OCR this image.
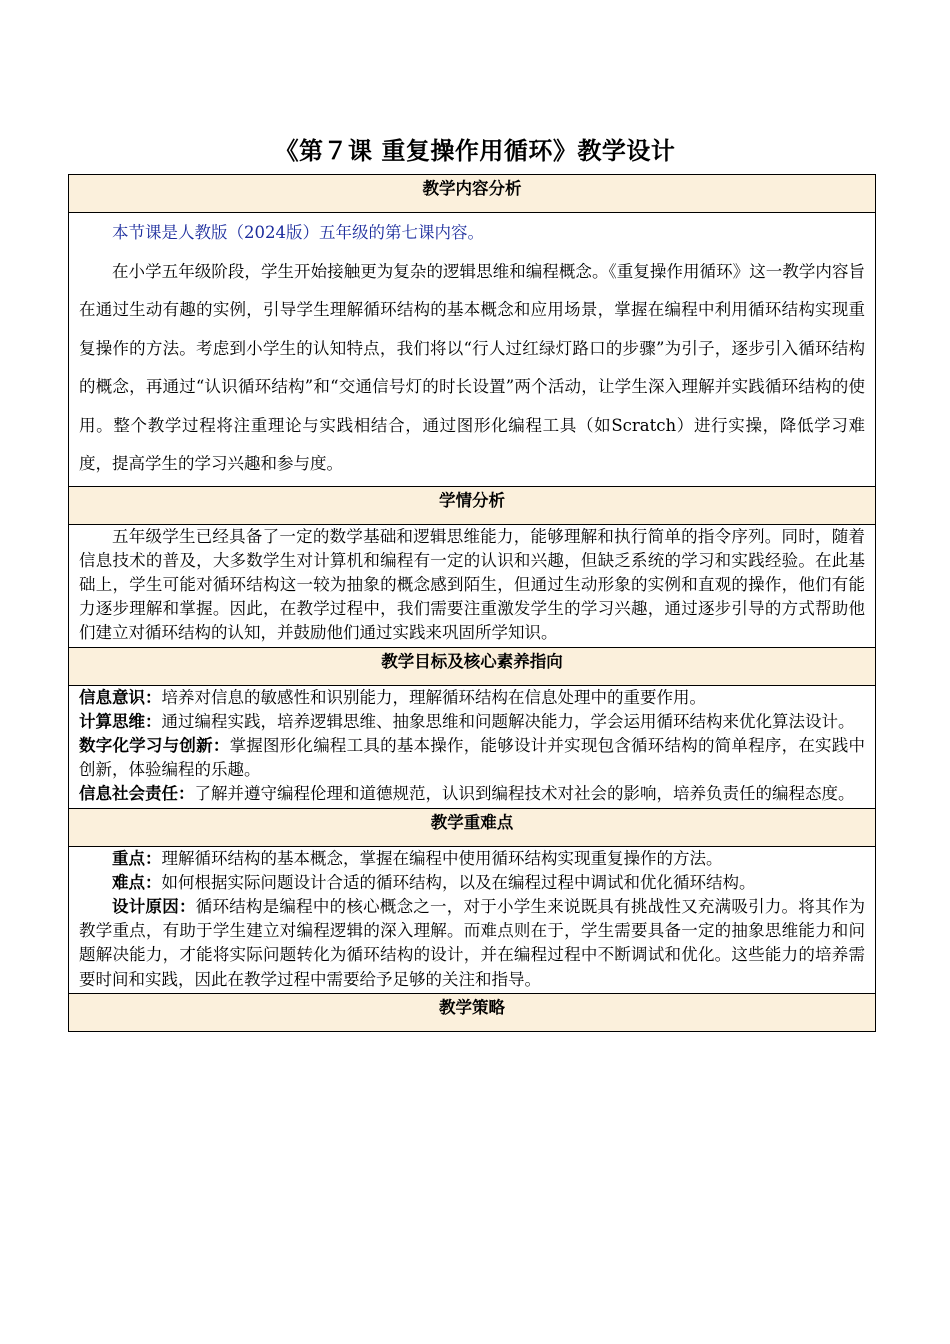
《第７课 重复操作用循环》教学设计
教学内容分析

本节课是人教版（2024版）五年级的第七课内容。

在小学五年级阶段，学生开始接触更为复杂的逻辑思维和编程概念。《重复操作用循环》这一教学内容旨在通过生动有趣的实例，引导学生理解循环结构的基本概念和应用场景，掌握在编程中利用循环结构实现重复操作的方法。考虑到小学生的认知特点，我们将以“行人过红绿灯路口的步骤”为引子，逐步引入循环结构的概念，再通过“认识循环结构”和“交通信号灯的时长设置”两个活动，让学生深入理解并实践循环结构的使用。整个教学过程将注重理论与实践相结合，通过图形化编程工具（如Scratch）进行实操，降低学习难度，提高学生的学习兴趣和参与度。

学情分析

五年级学生已经具备了一定的数学基础和逻辑思维能力，能够理解和执行简单的指令序列。同时，随着信息技术的普及，大多数学生对计算机和编程有一定的认识和兴趣，但缺乏系统的学习和实践经验。在此基础上，学生可能对循环结构这一较为抽象的概念感到陌生，但通过生动形象的实例和直观的操作，他们有能力逐步理解和掌握。因此，在教学过程中，我们需要注重激发学生的学习兴趣，通过逐步引导的方式帮助他们建立对循环结构的认知，并鼓励他们通过实践来巩固所学知识。

教学目标及核心素养指向

信息意识：培养对信息的敏感性和识别能力，理解循环结构在信息处理中的重要作用。

计算思维：通过编程实践，培养逻辑思维、抽象思维和问题解决能力，学会运用循环结构来优化算法设计。

数字化学习与创新：掌握图形化编程工具的基本操作，能够设计并实现包含循环结构的简单程序，在实践中创新，体验编程的乐趣。

信息社会责任：了解并遵守编程伦理和道德规范，认识到编程技术对社会的影响，培养负责任的编程态度。

教学重难点

重点：理解循环结构的基本概念，掌握在编程中使用循环结构实现重复操作的方法。

难点：如何根据实际问题设计合适的循环结构，以及在编程过程中调试和优化循环结构。

设计原因：循环结构是编程中的核心概念之一，对于小学生来说既具有挑战性又充满吸引力。将其作为教学重点，有助于学生建立对编程逻辑的深入理解。而难点则在于，学生需要具备一定的抽象思维能力和问题解决能力，才能将实际问题转化为循环结构的设计，并在编程过程中不断调试和优化。这些能力的培养需要时间和实践，因此在教学过程中需要给予足够的关注和指导。

教学策略
